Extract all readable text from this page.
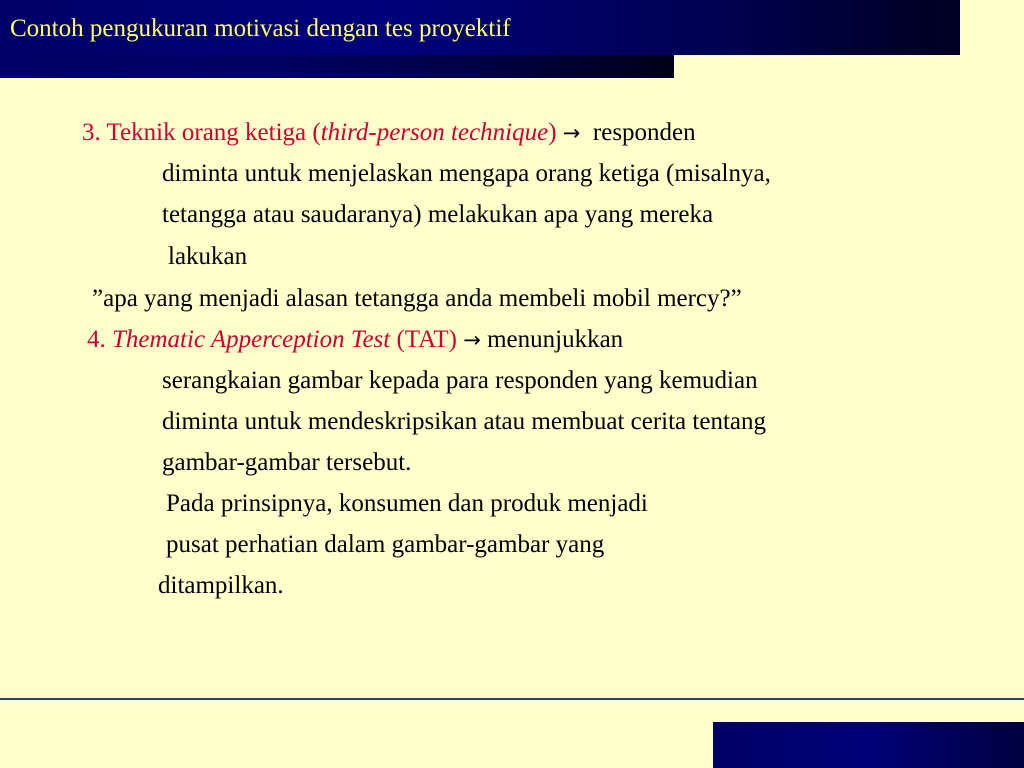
Contoh pengukuran motivasi dengan tes proyektif
3. Teknik orang ketiga (third-person technique) → responden
diminta untuk menjelaskan mengapa orang ketiga (misalnya,
tetangga atau saudaranya) melakukan apa yang mereka
lakukan
”apa yang menjadi alasan tetangga anda membeli mobil mercy?”
4. Thematic Apperception Test (TAT) → menunjukkan
serangkaian gambar kepada para responden yang kemudian
diminta untuk mendeskripsikan atau membuat cerita tentang
gambar-gambar tersebut.
Pada prinsipnya, konsumen dan produk menjadi
pusat perhatian dalam gambar-gambar yang
ditampilkan.
